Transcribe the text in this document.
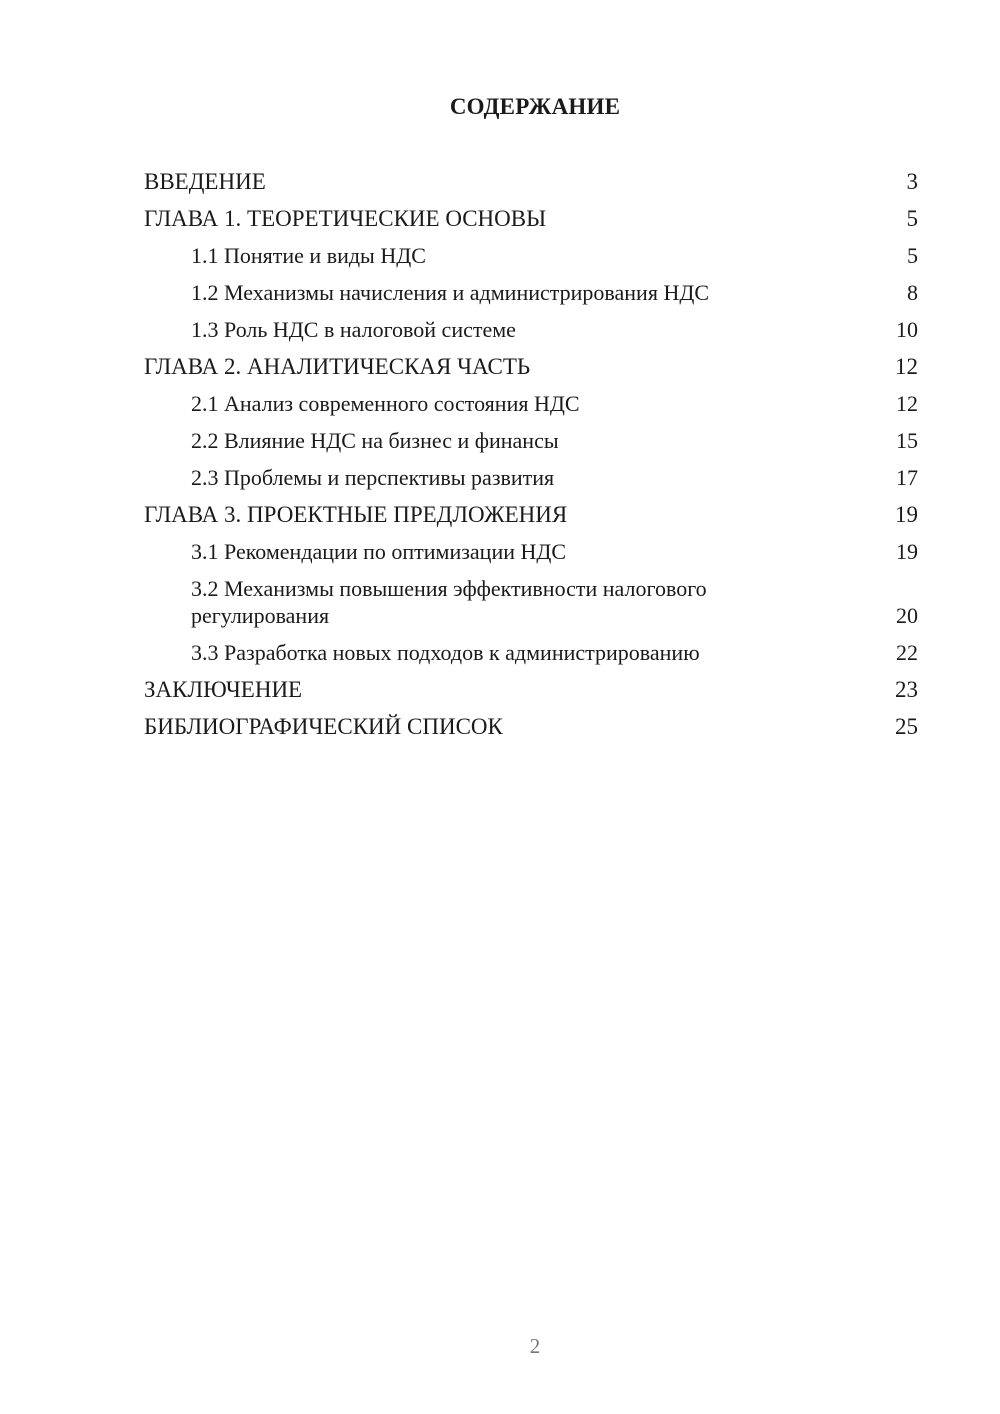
СОДЕРЖАНИЕ
ВВЕДЕНИЕ	3
ГЛАВА 1. ТЕОРЕТИЧЕСКИЕ ОСНОВЫ	5
1.1 Понятие и виды НДС	5
1.2 Механизмы начисления и администрирования НДС	8
1.3 Роль НДС в налоговой системе	10
ГЛАВА 2. АНАЛИТИЧЕСКАЯ ЧАСТЬ	12
2.1 Анализ современного состояния НДС	12
2.2 Влияние НДС на бизнес и финансы	15
2.3 Проблемы и перспективы развития	17
ГЛАВА 3. ПРОЕКТНЫЕ ПРЕДЛОЖЕНИЯ	19
3.1 Рекомендации по оптимизации НДС	19
3.2 Механизмы повышения эффективности налогового регулирования	20
3.3 Разработка новых подходов к администрированию	22
ЗАКЛЮЧЕНИЕ	23
БИБЛИОГРАФИЧЕСКИЙ СПИСОК	25
2
